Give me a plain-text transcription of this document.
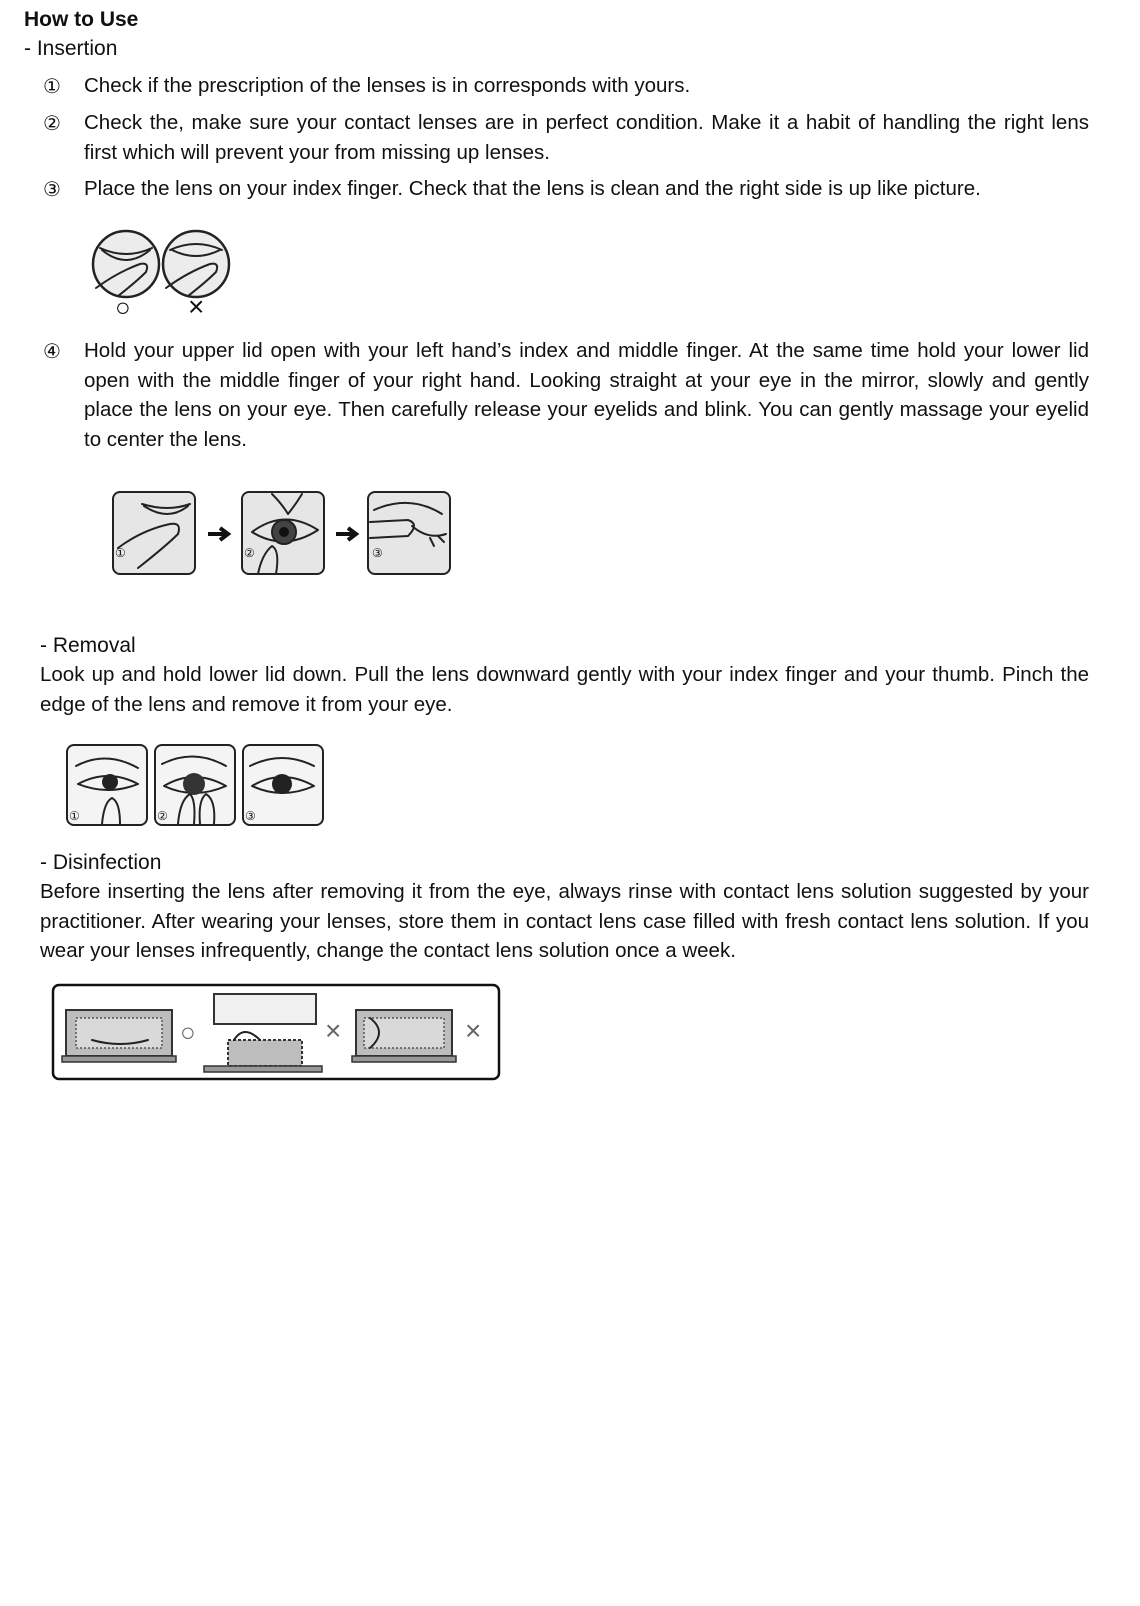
How to Use
- Insertion
① Check if the prescription of the lenses is in corresponds with yours.
② Check the, make sure your contact lenses are in perfect condition. Make it a habit of handling the right lens first which will prevent your from missing up lenses.
③ Place the lens on your index finger. Check that the lens is clean and the right side is up like picture.
○ ×
④ Hold your upper lid open with your left hand’s index and middle finger. At the same time hold your lower lid open with the middle finger of your right hand. Looking straight at your eye in the mirror, slowly and gently place the lens on your eye. Then carefully release your eyelids and blink. You can gently massage your eyelid to center the lens.
①	②	③
- Removal
Look up and hold lower lid down. Pull the lens downward gently with your index finger and your thumb. Pinch the edge of the lens and remove it from your eye.
①	②	③
- Disinfection
Before inserting the lens after removing it from the eye, always rinse with contact lens solution suggested by your practitioner. After wearing your lenses, store them in contact lens case filled with fresh contact lens solution. If you wear your lenses infrequently, change the contact lens solution once a week.
○	×	×
